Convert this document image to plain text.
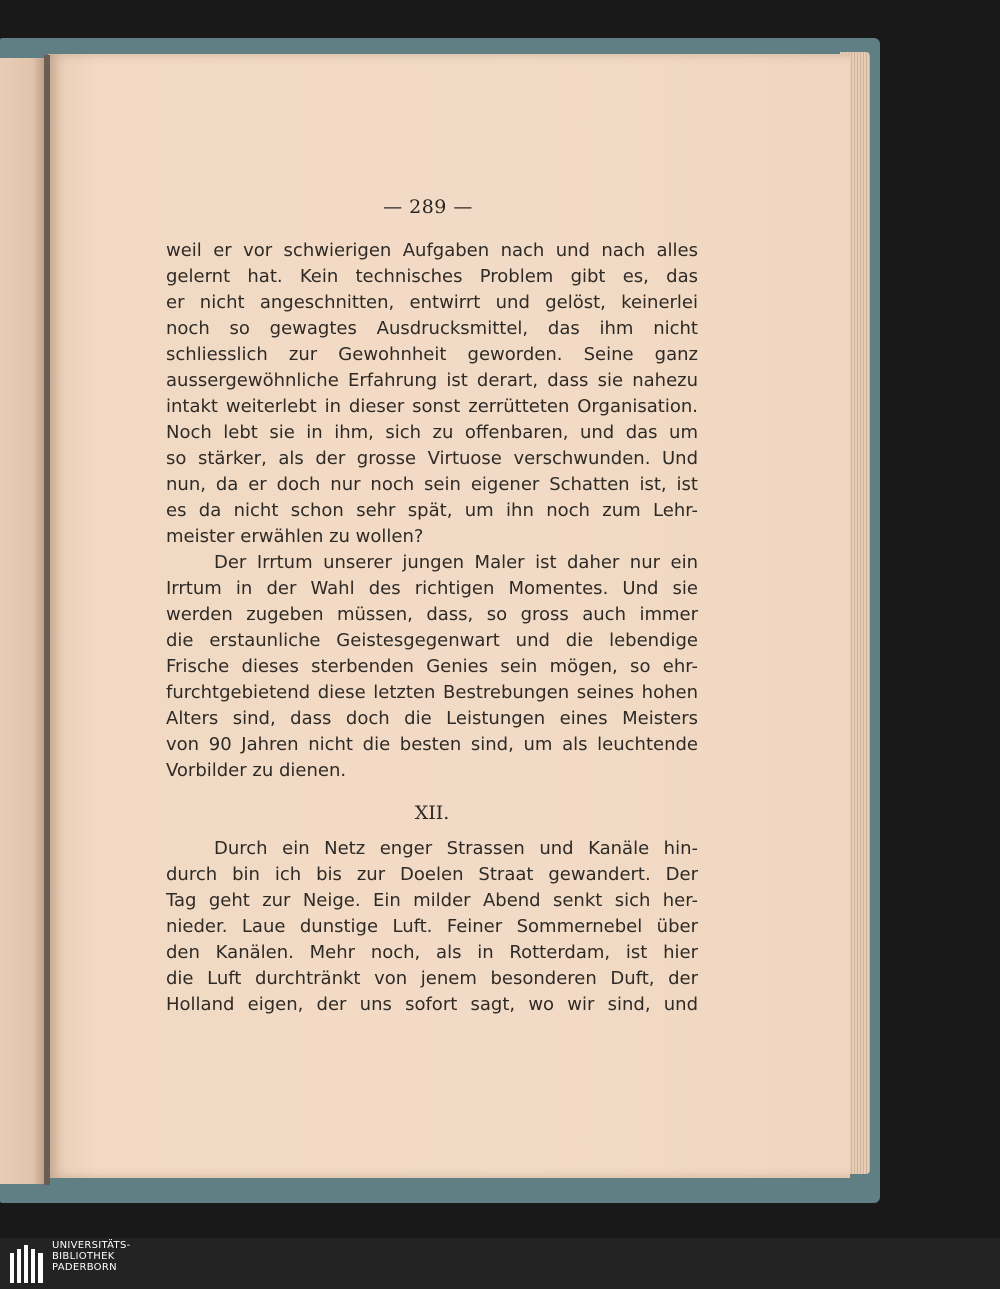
— 289 —
weil er vor schwierigen Aufgaben nach und nach alles
gelernt hat. Kein technisches Problem gibt es, das
er nicht angeschnitten, entwirrt und gelöst, keinerlei
noch so gewagtes Ausdrucksmittel, das ihm nicht
schliesslich zur Gewohnheit geworden. Seine ganz
aussergewöhnliche Erfahrung ist derart, dass sie nahezu
intakt weiterlebt in dieser sonst zerrütteten Organisation.
Noch lebt sie in ihm, sich zu offenbaren, und das um
so stärker, als der grosse Virtuose verschwunden. Und
nun, da er doch nur noch sein eigener Schatten ist, ist
es da nicht schon sehr spät, um ihn noch zum Lehr-
meister erwählen zu wollen?
Der Irrtum unserer jungen Maler ist daher nur ein
Irrtum in der Wahl des richtigen Momentes. Und sie
werden zugeben müssen, dass, so gross auch immer
die erstaunliche Geistesgegenwart und die lebendige
Frische dieses sterbenden Genies sein mögen, so ehr-
furchtgebietend diese letzten Bestrebungen seines hohen
Alters sind, dass doch die Leistungen eines Meisters
von 90 Jahren nicht die besten sind, um als leuchtende
Vorbilder zu dienen.
XII.
Durch ein Netz enger Strassen und Kanäle hin-
durch bin ich bis zur Doelen Straat gewandert. Der
Tag geht zur Neige. Ein milder Abend senkt sich her-
nieder. Laue dunstige Luft. Feiner Sommernebel über
den Kanälen. Mehr noch, als in Rotterdam, ist hier
die Luft durchtränkt von jenem besonderen Duft, der
Holland eigen, der uns sofort sagt, wo wir sind, und
UNIVERSITÄTS-
BIBLIOTHEK
PADERBORN
